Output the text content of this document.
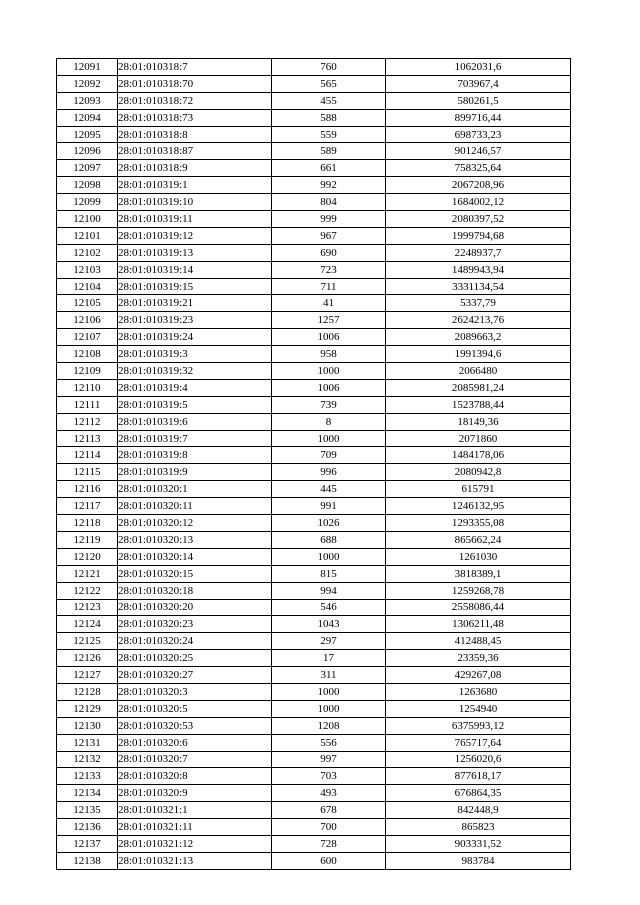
12091	28:01:010318:7	760	1062031,6
12092	28:01:010318:70	565	703967,4
12093	28:01:010318:72	455	580261,5
12094	28:01:010318:73	588	899716,44
12095	28:01:010318:8	559	698733,23
12096	28:01:010318:87	589	901246,57
12097	28:01:010318:9	661	758325,64
12098	28:01:010319:1	992	2067208,96
12099	28:01:010319:10	804	1684002,12
12100	28:01:010319:11	999	2080397,52
12101	28:01:010319:12	967	1999794,68
12102	28:01:010319:13	690	2248937,7
12103	28:01:010319:14	723	1489943,94
12104	28:01:010319:15	711	3331134,54
12105	28:01:010319:21	41	5337,79
12106	28:01:010319:23	1257	2624213,76
12107	28:01:010319:24	1006	2089663,2
12108	28:01:010319:3	958	1991394,6
12109	28:01:010319:32	1000	2066480
12110	28:01:010319:4	1006	2085981,24
12111	28:01:010319:5	739	1523788,44
12112	28:01:010319:6	8	18149,36
12113	28:01:010319:7	1000	2071860
12114	28:01:010319:8	709	1484178,06
12115	28:01:010319:9	996	2080942,8
12116	28:01:010320:1	445	615791
12117	28:01:010320:11	991	1246132,95
12118	28:01:010320:12	1026	1293355,08
12119	28:01:010320:13	688	865662,24
12120	28:01:010320:14	1000	1261030
12121	28:01:010320:15	815	3818389,1
12122	28:01:010320:18	994	1259268,78
12123	28:01:010320:20	546	2558086,44
12124	28:01:010320:23	1043	1306211,48
12125	28:01:010320:24	297	412488,45
12126	28:01:010320:25	17	23359,36
12127	28:01:010320:27	311	429267,08
12128	28:01:010320:3	1000	1263680
12129	28:01:010320:5	1000	1254940
12130	28:01:010320:53	1208	6375993,12
12131	28:01:010320:6	556	765717,64
12132	28:01:010320:7	997	1256020,6
12133	28:01:010320:8	703	877618,17
12134	28:01:010320:9	493	676864,35
12135	28:01:010321:1	678	842448,9
12136	28:01:010321:11	700	865823
12137	28:01:010321:12	728	903331,52
12138	28:01:010321:13	600	983784
